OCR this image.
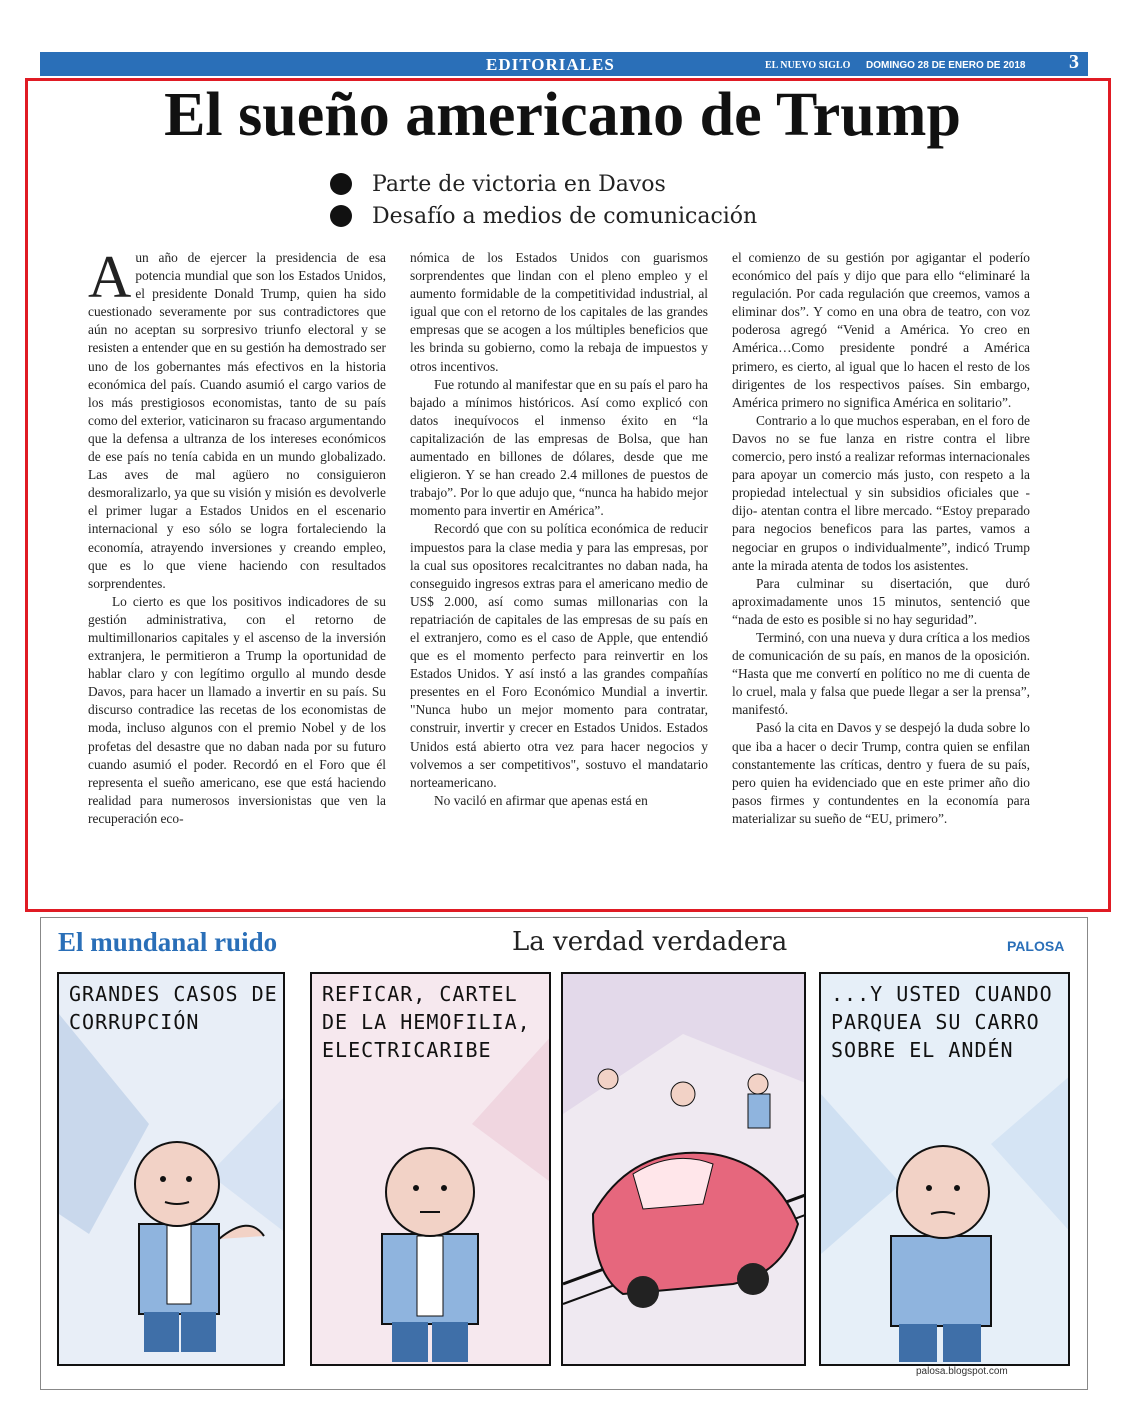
EDITORIALES	EL NUEVO SIGLO DOMINGO 28 DE ENERO DE 2018 3
El sueño americano de Trump
Parte de victoria en Davos
Desafío a medios de comunicación

Aun año de ejercer la presidencia de esa potencia mundial que son los Estados Unidos, el presidente Donald Trump, quien ha sido cuestionado severamente por sus contradictores que aún no aceptan su sorpresivo triunfo electoral y se resisten a entender que en su gestión ha demostrado ser uno de los gobernantes más efectivos en la historia económica del país. Cuando asumió el cargo varios de los más prestigiosos economistas, tanto de su país como del exterior, vaticinaron su fracaso argumentando que la defensa a ultranza de los intereses económicos de ese país no tenía cabida en un mundo globalizado. Las aves de mal agüero no consiguieron desmoralizarlo, ya que su visión y misión es devolverle el primer lugar a Estados Unidos en el escenario internacional y eso sólo se logra fortaleciendo la economía, atrayendo inversiones y creando empleo, que es lo que viene haciendo con resultados sorprendentes.

Lo cierto es que los positivos indicadores de su gestión administrativa, con el retorno de multimillonarios capitales y el ascenso de la inversión extranjera, le permitieron a Trump la oportunidad de hablar claro y con legítimo orgullo al mundo desde Davos, para hacer un llamado a invertir en su país. Su discurso contradice las recetas de los economistas de moda, incluso algunos con el premio Nobel y de los profetas del desastre que no daban nada por su futuro cuando asumió el poder. Recordó en el Foro que él representa el sueño americano, ese que está haciendo realidad para numerosos inversionistas que ven la recuperación eco-

nómica de los Estados Unidos con guarismos sorprendentes que lindan con el pleno empleo y el aumento formidable de la competitividad industrial, al igual que con el retorno de los capitales de las grandes empresas que se acogen a los múltiples beneficios que les brinda su gobierno, como la rebaja de impuestos y otros incentivos.

Fue rotundo al manifestar que en su país el paro ha bajado a mínimos históricos. Así como explicó con datos inequívocos el inmenso éxito en “la capitalización de las empresas de Bolsa, que han aumentado en billones de dólares, desde que me eligieron. Y se han creado 2.4 millones de puestos de trabajo”. Por lo que adujo que, “nunca ha habido mejor momento para invertir en América”.

Recordó que con su política económica de reducir impuestos para la clase media y para las empresas, por la cual sus opositores recalcitrantes no daban nada, ha conseguido ingresos extras para el americano medio de US$ 2.000, así como sumas millonarias con la repatriación de capitales de las empresas de su país en el extranjero, como es el caso de Apple, que entendió que es el momento perfecto para reinvertir en los Estados Unidos. Y así instó a las grandes compañías presentes en el Foro Económico Mundial a invertir. "Nunca hubo un mejor momento para contratar, construir, invertir y crecer en Estados Unidos. Estados Unidos está abierto otra vez para hacer negocios y volvemos a ser competitivos", sostuvo el mandatario norteamericano.

No vaciló en afirmar que apenas está en

el comienzo de su gestión por agigantar el poderío económico del país y dijo que para ello “eliminaré la regulación. Por cada regulación que creemos, vamos a eliminar dos”. Y como en una obra de teatro, con voz poderosa agregó “Venid a América. Yo creo en América…Como presidente pondré a América primero, es cierto, al igual que lo hacen el resto de los dirigentes de los respectivos países. Sin embargo, América primero no significa América en solitario”.

Contrario a lo que muchos esperaban, en el foro de Davos no se fue lanza en ristre contra el libre comercio, pero instó a realizar reformas internacionales para apoyar un comercio más justo, con respeto a la propiedad intelectual y sin subsidios oficiales que -dijo- atentan contra el libre mercado. “Estoy preparado para negocios beneficos para las partes, vamos a negociar en grupos o individualmente”, indicó Trump ante la mirada atenta de todos los asistentes.

Para culminar su disertación, que duró aproximadamente unos 15 minutos, sentenció que “nada de esto es posible si no hay seguridad”.

Terminó, con una nueva y dura crítica a los medios de comunicación de su país, en manos de la oposición. “Hasta que me convertí en político no me di cuenta de lo cruel, mala y falsa que puede llegar a ser la prensa”, manifestó.

Pasó la cita en Davos y se despejó la duda sobre lo que iba a hacer o decir Trump, contra quien se enfilan constantemente las críticas, dentro y fuera de su país, pero quien ha evidenciado que en este primer año dio pasos firmes y contundentes en la economía para materializar su sueño de “EU, primero”.

El mundanal ruido	La verdad verdadera	PALOSA
GRANDES CASOS DE CORRUPCIÓN
REFICAR, CARTEL DE LA HEMOFILIA, ELECTRICARIBE
...Y USTED CUANDO PARQUEA SU CARRO SOBRE EL ANDÉN
palosa.blogspot.com
